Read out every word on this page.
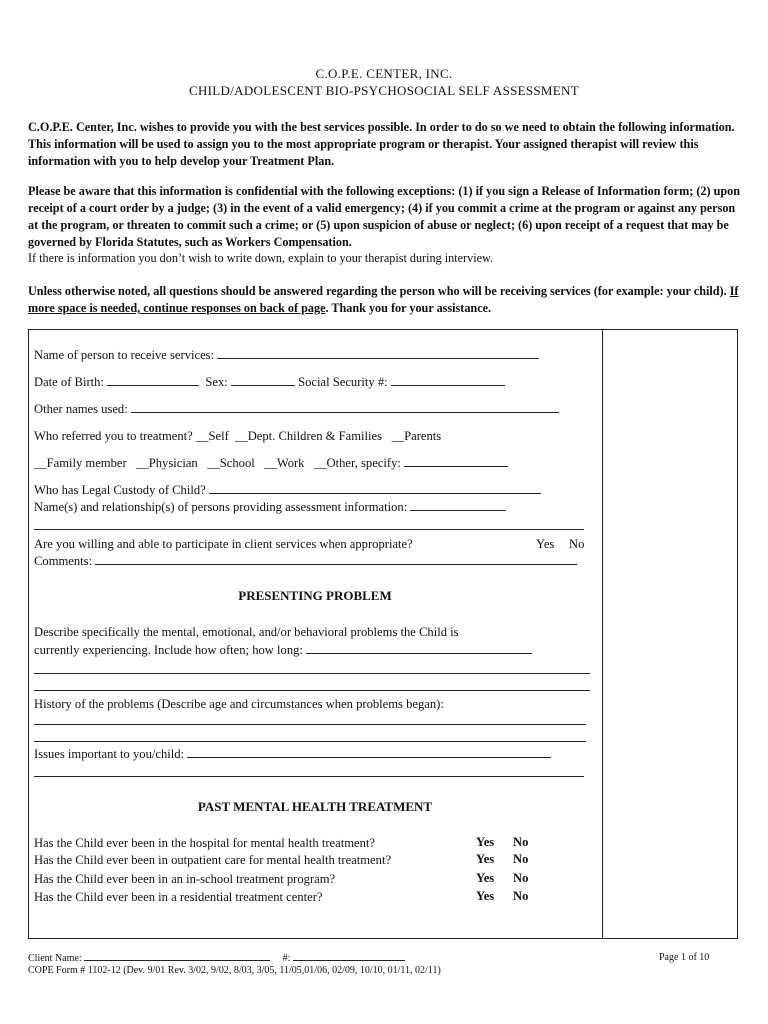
C.O.P.E. CENTER, INC.
CHILD/ADOLESCENT BIO-PSYCHOSOCIAL SELF ASSESSMENT
C.O.P.E. Center, Inc. wishes to provide you with the best services possible. In order to do so we need to obtain the following information. This information will be used to assign you to the most appropriate program or therapist. Your assigned therapist will review this information with you to help develop your Treatment Plan.
Please be aware that this information is confidential with the following exceptions: (1) if you sign a Release of Information form; (2) upon receipt of a court order by a judge; (3) in the event of a valid emergency; (4) if you commit a crime at the program or against any person at the program, or threaten to commit such a crime; or (5) upon suspicion of abuse or neglect; (6) upon receipt of a request that may be governed by Florida Statutes, such as Workers Compensation.
If there is information you don’t wish to write down, explain to your therapist during interview.
Unless otherwise noted, all questions should be answered regarding the person who will be receiving services (for example: your child). If more space is needed, continue responses on back of page. Thank you for your assistance.
Name of person to receive services:
Date of Birth:	Sex:	Social Security #:
Other names used:
Who referred you to treatment? __Self __Dept. Children & Families __Parents
__Family member __Physician __School __Work __Other, specify:
Who has Legal Custody of Child?
Name(s) and relationship(s) of persons providing assessment information:
Are you willing and able to participate in client services when appropriate?	Yes No
Comments:
PRESENTING PROBLEM
Describe specifically the mental, emotional, and/or behavioral problems the Child is
currently experiencing. Include how often; how long:
History of the problems (Describe age and circumstances when problems began):
Issues important to you/child:
PAST MENTAL HEALTH TREATMENT
Has the Child ever been in the hospital for mental health treatment?	Yes No
Has the Child ever been in outpatient care for mental health treatment?	Yes No
Has the Child ever been in an in-school treatment program?	Yes No
Has the Child ever been in a residential treatment center?	Yes No
Client Name:	#:	Page 1 of 10
COPE Form # 1102-12 (Dev. 9/01 Rev. 3/02, 9/02, 8/03, 3/05, 11/05,01/06, 02/09, 10/10, 01/11, 02/11)
